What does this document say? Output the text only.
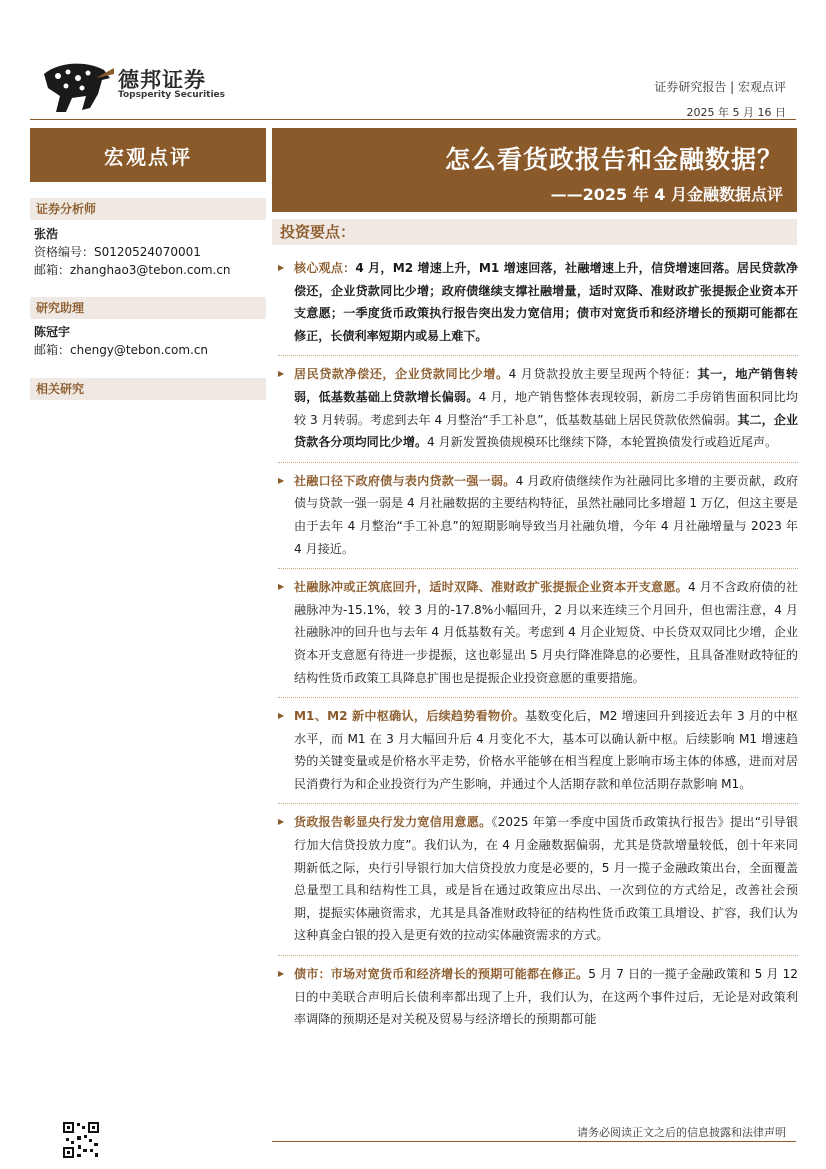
德邦证券
Topsperity Securities
证券研究报告 | 宏观点评
2025 年 5 月 16 日
宏观点评	怎么看货政报告和金融数据？
——2025 年 4 月金融数据点评
证券分析师
张浩
资格编号：S0120524070001
邮箱：zhanghao3@tebon.com.cn
研究助理
陈冠宇
邮箱：chengy@tebon.com.cn
相关研究
投资要点：
▶ 核心观点：4 月，M2 增速上升，M1 增速回落，社融增速上升，信贷增速回落。居民贷款净偿还，企业贷款同比少增；政府债继续支撑社融增量，适时双降、准财政扩张提振企业资本开支意愿；一季度货币政策执行报告突出发力宽信用；债市对宽货币和经济增长的预期可能都在修正，长债利率短期内或易上难下。
▶ 居民贷款净偿还，企业贷款同比少增。4 月贷款投放主要呈现两个特征：其一，地产销售转弱，低基数基础上贷款增长偏弱。4 月，地产销售整体表现较弱，新房二手房销售面积同比均较 3 月转弱。考虑到去年 4 月整治“手工补息”，低基数基础上居民贷款依然偏弱。其二，企业贷款各分项均同比少增。4 月新发置换债规模环比继续下降，本轮置换债发行或趋近尾声。
▶ 社融口径下政府债与表内贷款一强一弱。4 月政府债继续作为社融同比多增的主要贡献，政府债与贷款一强一弱是 4 月社融数据的主要结构特征，虽然社融同比多增超 1 万亿，但这主要是由于去年 4 月整治“手工补息”的短期影响导致当月社融负增，今年 4 月社融增量与 2023 年 4 月接近。
▶ 社融脉冲或正筑底回升，适时双降、准财政扩张提振企业资本开支意愿。4 月不含政府债的社融脉冲为-15.1%，较 3 月的-17.8%小幅回升，2 月以来连续三个月回升，但也需注意，4 月社融脉冲的回升也与去年 4 月低基数有关。考虑到 4 月企业短贷、中长贷双双同比少增，企业资本开支意愿有待进一步提振，这也彰显出 5 月央行降准降息的必要性，且具备准财政特征的结构性货币政策工具降息扩围也是提振企业投资意愿的重要措施。
▶ M1、M2 新中枢确认，后续趋势看物价。基数变化后，M2 增速回升到接近去年 3 月的中枢水平，而 M1 在 3 月大幅回升后 4 月变化不大，基本可以确认新中枢。后续影响 M1 增速趋势的关键变量或是价格水平走势，价格水平能够在相当程度上影响市场主体的体感，进而对居民消费行为和企业投资行为产生影响，并通过个人活期存款和单位活期存款影响 M1。
▶ 货政报告彰显央行发力宽信用意愿。《2025 年第一季度中国货币政策执行报告》提出“引导银行加大信贷投放力度”。我们认为，在 4 月金融数据偏弱，尤其是贷款增量较低，创十年来同期新低之际，央行引导银行加大信贷投放力度是必要的，5 月一揽子金融政策出台，全面覆盖总量型工具和结构性工具，或是旨在通过政策应出尽出、一次到位的方式给足，改善社会预期，提振实体融资需求，尤其是具备准财政特征的结构性货币政策工具增设、扩容，我们认为这种真金白银的投入是更有效的拉动实体融资需求的方式。
▶ 债市：市场对宽货币和经济增长的预期可能都在修正。5 月 7 日的一揽子金融政策和 5 月 12 日的中美联合声明后长债利率都出现了上升，我们认为，在这两个事件过后，无论是对政策利率调降的预期还是对关税及贸易与经济增长的预期都可能
请务必阅读正文之后的信息披露和法律声明
